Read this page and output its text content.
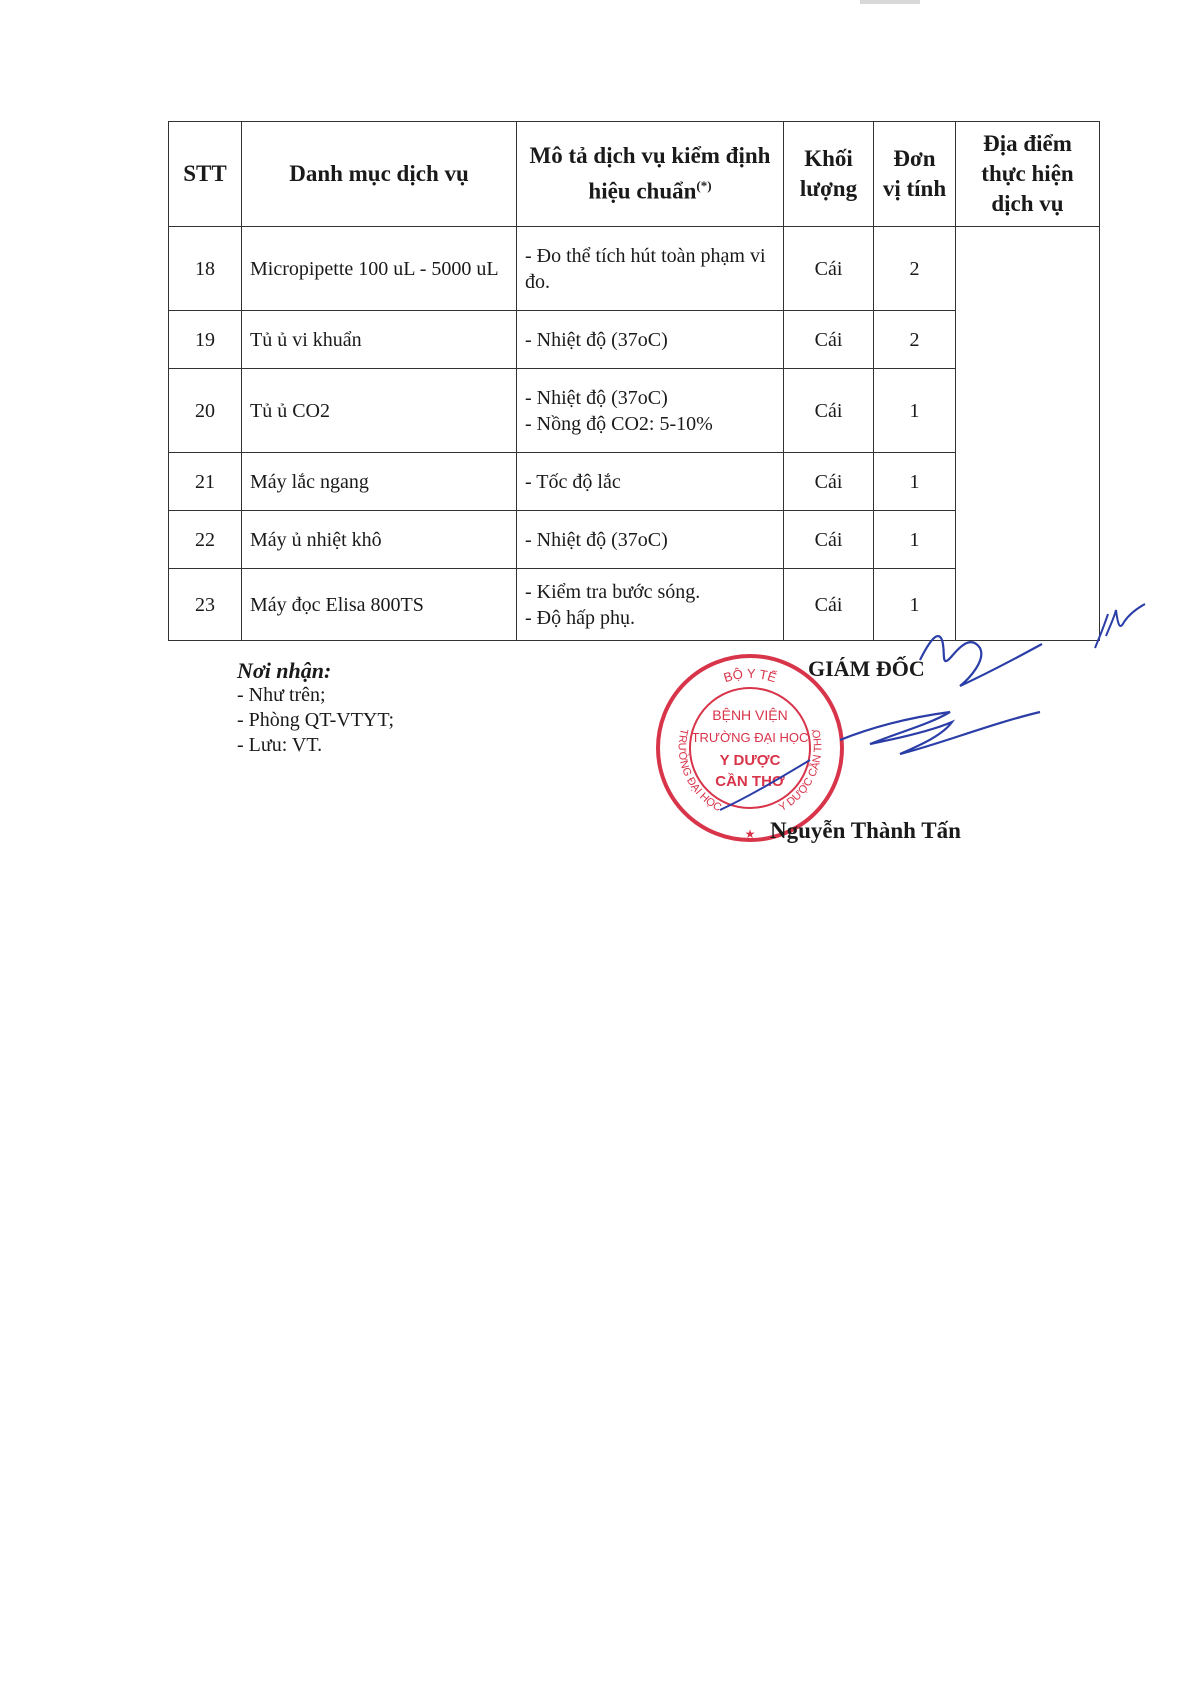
STT	Danh mục dịch vụ	Mô tả dịch vụ kiểm định hiệu chuẩn(*)	Khối lượng	Đơn vị tính	Địa điểm thực hiện dịch vụ
18	Micropipette 100 uL - 5000 uL	- Đo thể tích hút toàn phạm vi đo.	Cái	2	
19	Tủ ủ vi khuẩn	- Nhiệt độ (37oC)	Cái	2	
20	Tủ ủ CO2	- Nhiệt độ (37oC)
- Nồng độ CO2: 5-10%	Cái	1	
21	Máy lắc ngang	- Tốc độ lắc	Cái	1	
22	Máy ủ nhiệt khô	- Nhiệt độ (37oC)	Cái	1	
23	Máy đọc Elisa 800TS	- Kiểm tra bước sóng.
- Độ hấp phụ.	Cái	1	
Nơi nhận:
- Như trên;
- Phòng QT-VTYT;
- Lưu: VT.
BỘ Y TẾ
TRƯỜNG ĐẠI HỌC	Y DƯỢC CẦN THƠ
BỆNH VIỆN
TRƯỜNG ĐẠI HỌC
Y DƯỢC
CẦN THƠ
★
GIÁM ĐỐC
Nguyễn Thành Tấn
